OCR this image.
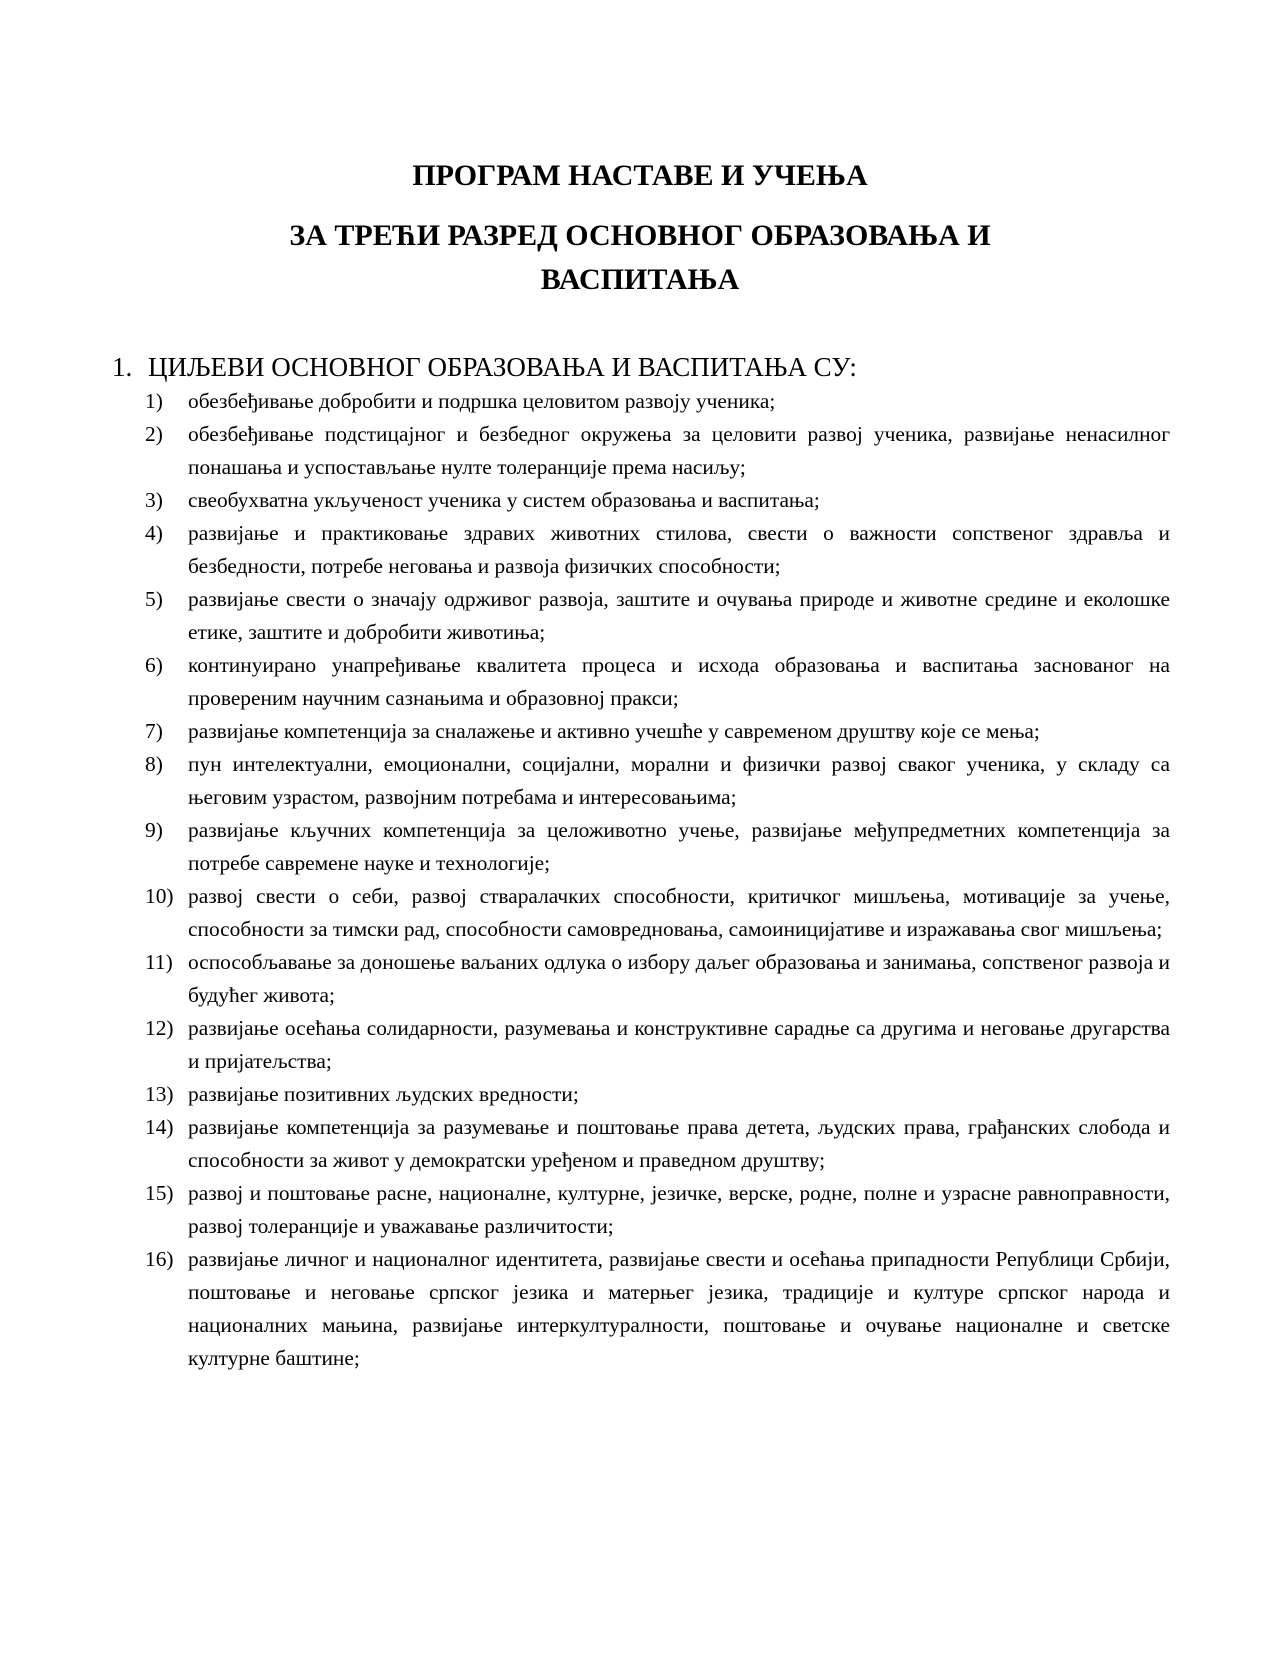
ПРОГРАМ НАСТАВЕ И УЧЕЊА
ЗА ТРЕЋИ РАЗРЕД ОСНОВНОГ ОБРАЗОВАЊА И ВАСПИТАЊА
1. ЦИЉЕВИ ОСНОВНОГ ОБРАЗОВАЊА И ВАСПИТАЊА СУ:
1)	обезбеђивање добробити и подршка целовитом развоју ученика;
2)	обезбеђивање подстицајног и безбедног окружења за целовити развој ученика, развијање ненасилног понашања и успостављање нулте толеранције према насиљу;
3)	свеобухватна укљученост ученика у систем образовања и васпитања;
4)	развијање и практиковање здравих животних стилова, свести о важности сопственог здравља и безбедности, потребе неговања и развоја физичких способности;
5)	развијање свести о значају одрживог развоја, заштите и очувања природе и животне средине и еколошке етике, заштите и добробити животиња;
6)	континуирано унапређивање квалитета процеса и исхода образовања и васпитања заснованог на провереним научним сазнањима и образовној пракси;
7)	развијање компетенција за сналажење и активно учешће у савременом друштву које се мења;
8)	пун интелектуални, емоционални, социјални, морални и физички развој сваког ученика, у складу са његовим узрастом, развојним потребама и интересовањима;
9)	развијање кључних компетенција за целоживотно учење, развијање међупредметних компетенција за потребе савремене науке и технологије;
10) развој свести о себи, развој стваралачких способности, критичког мишљења, мотивације за учење, способности за тимски рад, способности самовредновања, самоиницијативе и изражавања свог мишљења;
11) оспособљавање за доношење ваљаних одлука о избору даљег образовања и занимања, сопственог развоја и будућег живота;
12) развијање осећања солидарности, разумевања и конструктивне сарадње са другима и неговање другарства и пријатељства;
13) развијање позитивних људских вредности;
14) развијање компетенција за разумевање и поштовање права детета, људских права, грађанских слобода и способности за живот у демократски уређеном и праведном друштву;
15) развој и поштовање расне, националне, културне, језичке, верске, родне, полне и узрасне равноправности, развој толеранције и уважавање различитости;
16) развијање личног и националног идентитета, развијање свести и осећања припадности Републици Србији, поштовање и неговање српског језика и матерњег језика, традиције и културе српског народа и националних мањина, развијање интеркултуралности, поштовање и очување националне и светске културне баштине;
